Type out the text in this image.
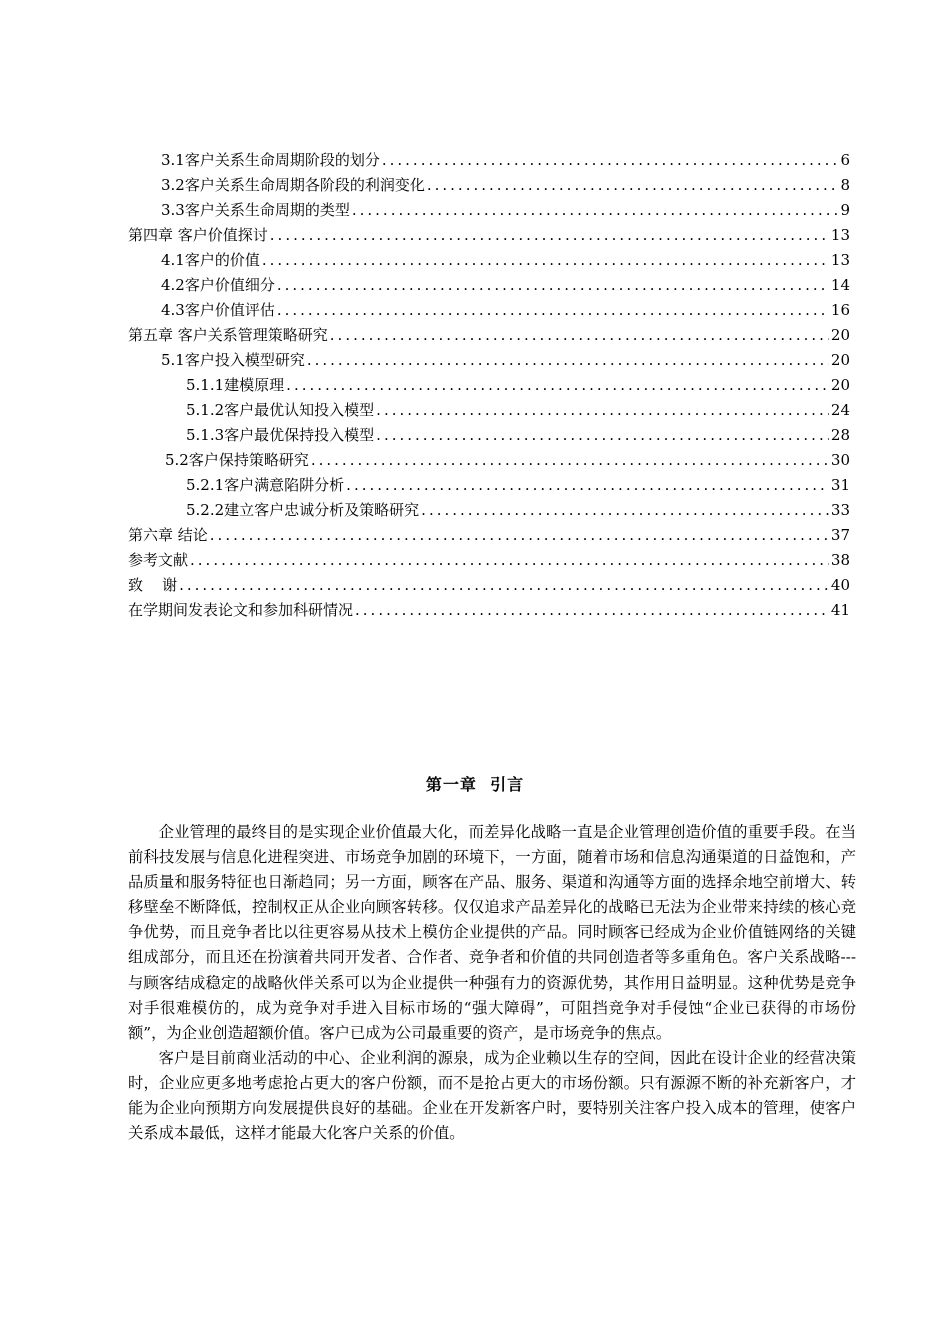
3.1客户关系生命周期阶段的划分 .....	6
3.2客户关系生命周期各阶段的利润变化 .....	8
3.3客户关系生命周期的类型 .....	9
第四章 客户价值探讨 .....	13
4.1客户的价值 .....	13
4.2客户价值细分 .....	14
4.3客户价值评估 .....	16
第五章 客户关系管理策略研究 .....	20
5.1客户投入模型研究 .....	20
5.1.1建模原理 .....	20
5.1.2客户最优认知投入模型 .....	24
5.1.3客户最优保持投入模型 .....	28
5.2客户保持策略研究 .....	30
5.2.1客户满意陷阱分析 .....	31
5.2.2建立客户忠诚分析及策略研究 .....	33
第六章 结论 .....	37
参考文献 .....	38
致    谢 .....	40
在学期间发表论文和参加科研情况 .....	41
第一章  引言

企业管理的最终目的是实现企业价值最大化，而差异化战略一直是企业管理创造价值的重要手段。在当前科技发展与信息化进程突进、市场竞争加剧的环境下，一方面，随着市场和信息沟通渠道的日益饱和，产品质量和服务特征也日渐趋同；另一方面，顾客在产品、服务、渠道和沟通等方面的选择余地空前增大、转移壁垒不断降低，控制权正从企业向顾客转移。仅仅追求产品差异化的战略已无法为企业带来持续的核心竞争优势，而且竞争者比以往更容易从技术上模仿企业提供的产品。同时顾客已经成为企业价值链网络的关键组成部分，而且还在扮演着共同开发者、合作者、竞争者和价值的共同创造者等多重角色。客户关系战略---与顾客结成稳定的战略伙伴关系可以为企业提供一种强有力的资源优势，其作用日益明显。这种优势是竞争对手很难模仿的，成为竞争对手进入目标市场的“强大障碍”，可阻挡竞争对手侵蚀“企业已获得的市场份额”，为企业创造超额价值。客户已成为公司最重要的资产，是市场竞争的焦点。

客户是目前商业活动的中心、企业利润的源泉，成为企业赖以生存的空间，因此在设计企业的经营决策时，企业应更多地考虑抢占更大的客户份额，而不是抢占更大的市场份额。只有源源不断的补充新客户，才能为企业向预期方向发展提供良好的基础。企业在开发新客户时，要特别关注客户投入成本的管理，使客户关系成本最低，这样才能最大化客户关系的价值。
